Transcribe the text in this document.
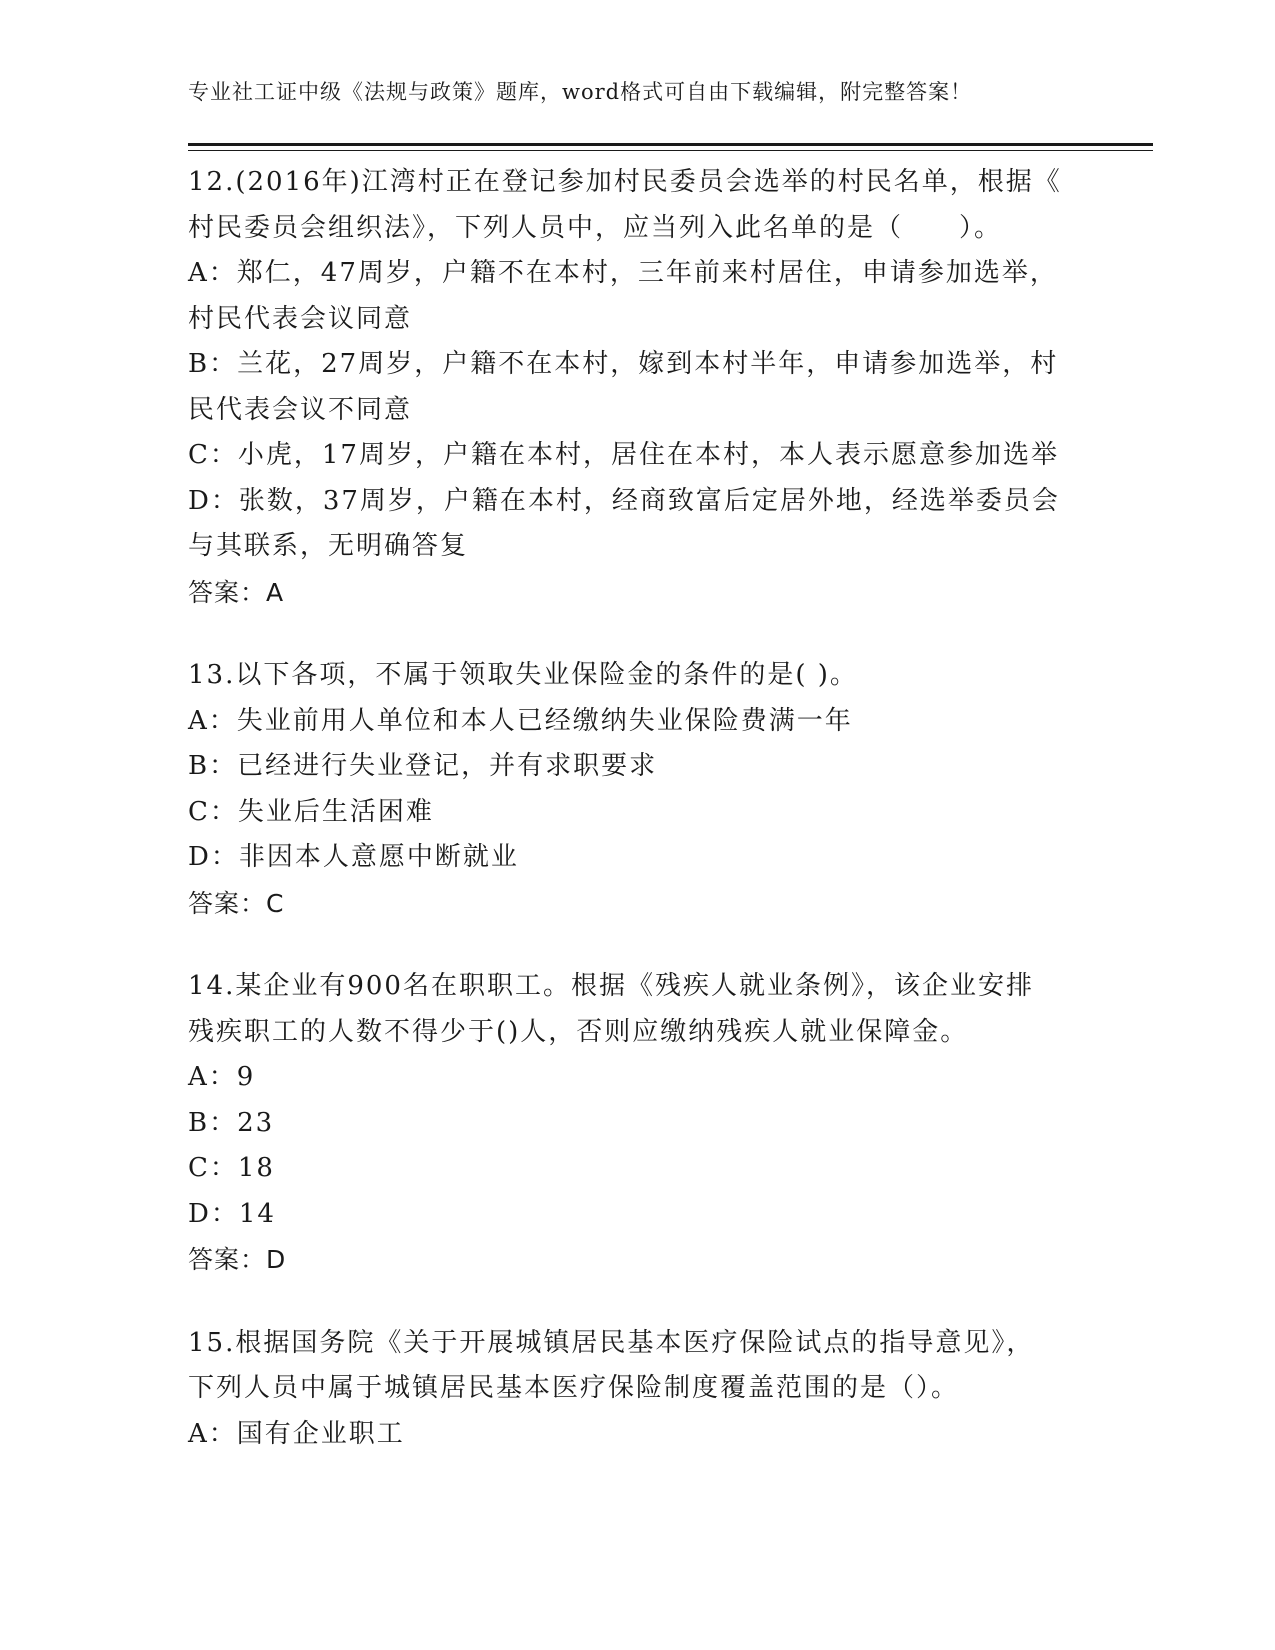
专业社工证中级《法规与政策》题库，word格式可自由下载编辑，附完整答案！
12.(2016年)江湾村正在登记参加村民委员会选举的村民名单，根据《
村民委员会组织法》，下列人员中，应当列入此名单的是（　　）。
A：郑仁，47周岁，户籍不在本村，三年前来村居住，申请参加选举，
村民代表会议同意
B：兰花，27周岁，户籍不在本村，嫁到本村半年，申请参加选举，村
民代表会议不同意
C：小虎，17周岁，户籍在本村，居住在本村，本人表示愿意参加选举
D：张数，37周岁，户籍在本村，经商致富后定居外地，经选举委员会
与其联系，无明确答复
答案：A
13.以下各项，不属于领取失业保险金的条件的是( )。
A：失业前用人单位和本人已经缴纳失业保险费满一年
B：已经进行失业登记，并有求职要求
C：失业后生活困难
D：非因本人意愿中断就业
答案：C
14.某企业有900名在职职工。根据《残疾人就业条例》，该企业安排
残疾职工的人数不得少于()人，否则应缴纳残疾人就业保障金。
A：9
B：23
C：18
D：14
答案：D
15.根据国务院《关于开展城镇居民基本医疗保险试点的指导意见》，
下列人员中属于城镇居民基本医疗保险制度覆盖范围的是（）。
A：国有企业职工
